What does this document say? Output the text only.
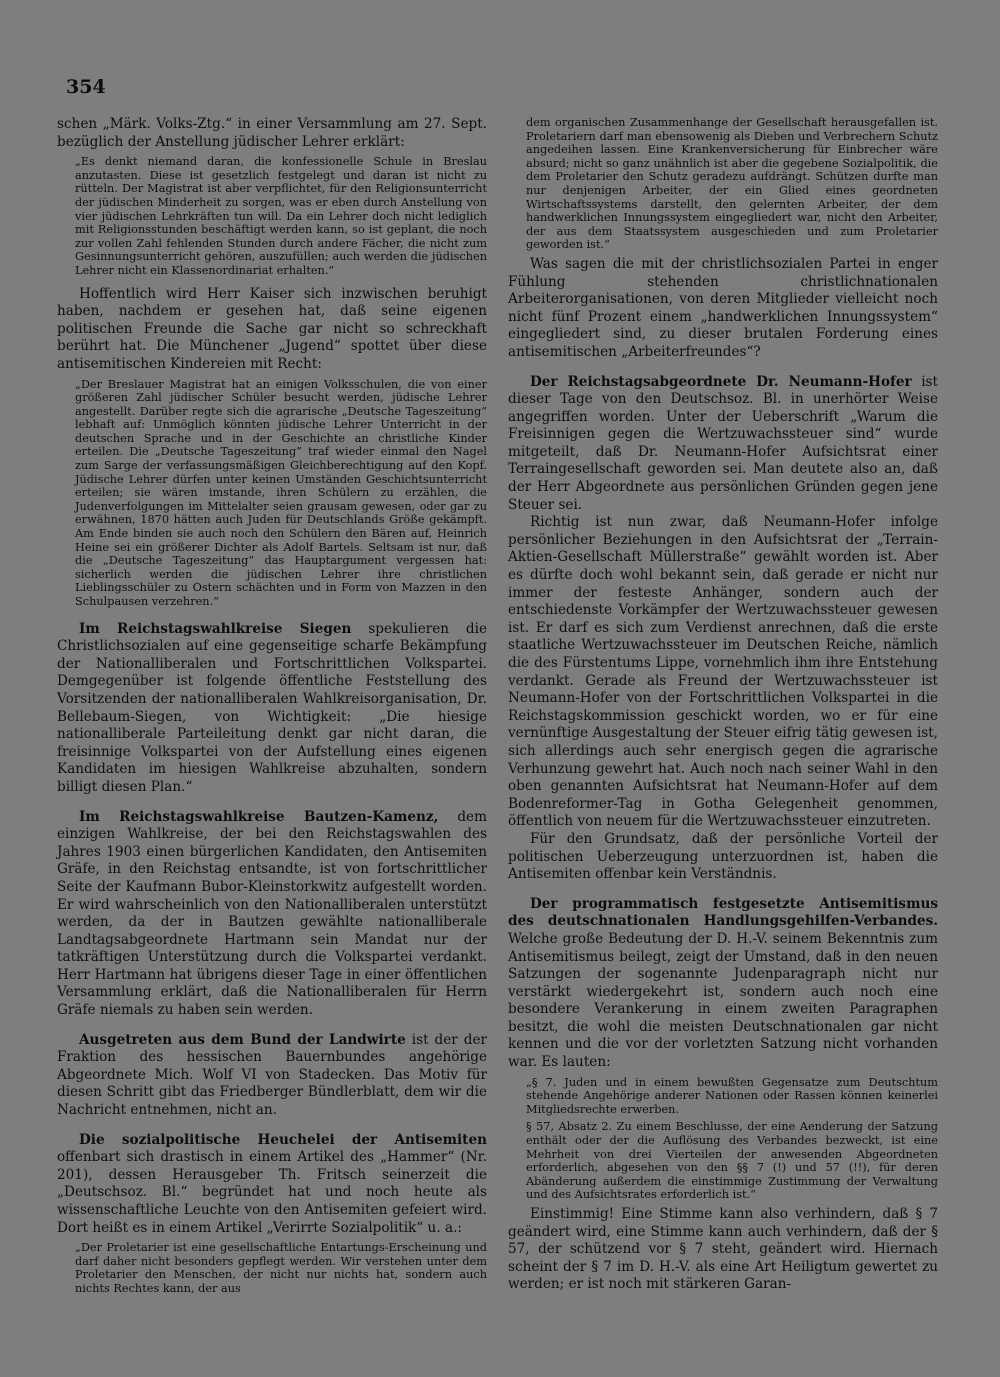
354

schen „Märk. Volks-Ztg.“ in einer Versammlung am 27. Sept. bezüglich der Anstellung jüdischer Lehrer erklärt:

„Es denkt niemand daran, die konfessionelle Schule in Breslau anzutasten. Diese ist gesetzlich festgelegt und daran ist nicht zu rütteln. Der Magistrat ist aber verpflichtet, für den Religionsunterricht der jüdischen Minderheit zu sorgen, was er eben durch Anstellung von vier jüdischen Lehrkräften tun will. Da ein Lehrer doch nicht lediglich mit Religionsstunden beschäftigt werden kann, so ist geplant, die noch zur vollen Zahl fehlenden Stunden durch andere Fächer, die nicht zum Gesinnungsunterricht gehören, auszufüllen; auch werden die jüdischen Lehrer nicht ein Klassenordinariat erhalten.“

Hoffentlich wird Herr Kaiser sich inzwischen beruhigt haben, nachdem er gesehen hat, daß seine eigenen politischen Freunde die Sache gar nicht so schreckhaft berührt hat. Die Münchener „Jugend“ spottet über diese antisemitischen Kindereien mit Recht:

„Der Breslauer Magistrat hat an einigen Volksschulen, die von einer größeren Zahl jüdischer Schüler besucht werden, jüdische Lehrer angestellt. Darüber regte sich die agrarische „Deutsche Tageszeitung“ lebhaft auf: Unmöglich könnten jüdische Lehrer Unterricht in der deutschen Sprache und in der Geschichte an christliche Kinder erteilen. Die „Deutsche Tageszeitung“ traf wieder einmal den Nagel zum Sarge der verfassungsmäßigen Gleichberechtigung auf den Kopf. Jüdische Lehrer dürfen unter keinen Umständen Geschichtsunterricht erteilen; sie wären imstande, ihren Schülern zu erzählen, die Judenverfolgungen im Mittelalter seien grausam gewesen, oder gar zu erwähnen, 1870 hätten auch Juden für Deutschlands Größe gekämpft. Am Ende binden sie auch noch den Schülern den Bären auf, Heinrich Heine sei ein größerer Dichter als Adolf Bartels. Seltsam ist nur, daß die „Deutsche Tageszeitung“ das Hauptargument vergessen hat: sicherlich werden die jüdischen Lehrer ihre christlichen Lieblingsschüler zu Ostern schächten und in Form von Mazzen in den Schulpausen verzehren.“

Im Reichstagswahlkreise Siegen spekulieren die Christlichsozialen auf eine gegenseitige scharfe Bekämpfung der Nationalliberalen und Fortschrittlichen Volkspartei. Demgegenüber ist folgende öffentliche Feststellung des Vorsitzenden der nationalliberalen Wahlkreisorganisation, Dr. Bellebaum-Siegen, von Wichtigkeit: „Die hiesige nationalliberale Parteileitung denkt gar nicht daran, die freisinnige Volkspartei von der Aufstellung eines eigenen Kandidaten im hiesigen Wahlkreise abzuhalten, sondern billigt diesen Plan.“

Im Reichstagswahlkreise Bautzen-Kamenz, dem einzigen Wahlkreise, der bei den Reichstagswahlen des Jahres 1903 einen bürgerlichen Kandidaten, den Antisemiten Gräfe, in den Reichstag entsandte, ist von fortschrittlicher Seite der Kaufmann Bubor-Kleinstorkwitz aufgestellt worden. Er wird wahrscheinlich von den Nationalliberalen unterstützt werden, da der in Bautzen gewählte nationalliberale Landtagsabgeordnete Hartmann sein Mandat nur der tatkräftigen Unterstützung durch die Volkspartei verdankt. Herr Hartmann hat übrigens dieser Tage in einer öffentlichen Versammlung erklärt, daß die Nationalliberalen für Herrn Gräfe niemals zu haben sein werden.

Ausgetreten aus dem Bund der Landwirte ist der der Fraktion des hessischen Bauernbundes angehörige Abgeordnete Mich. Wolf VI von Stadecken. Das Motiv für diesen Schritt gibt das Friedberger Bündlerblatt, dem wir die Nachricht entnehmen, nicht an.

Die sozialpolitische Heuchelei der Antisemiten offenbart sich drastisch in einem Artikel des „Hammer“ (Nr. 201), dessen Herausgeber Th. Fritsch seinerzeit die „Deutschsoz. Bl.“ begründet hat und noch heute als wissenschaftliche Leuchte von den Antisemiten gefeiert wird. Dort heißt es in einem Artikel „Verirrte Sozialpolitik“ u. a.:

„Der Proletarier ist eine gesellschaftliche Entartungs-Erscheinung und darf daher nicht besonders gepflegt werden. Wir verstehen unter dem Proletarier den Menschen, der nicht nur nichts hat, sondern auch nichts Rechtes kann, der aus

dem organischen Zusammenhange der Gesellschaft herausgefallen ist. Proletariern darf man ebensowenig als Dieben und Verbrechern Schutz angedeihen lassen. Eine Krankenversicherung für Einbrecher wäre absurd; nicht so ganz unähnlich ist aber die gegebene Sozialpolitik, die dem Proletarier den Schutz geradezu aufdrängt. Schützen durfte man nur denjenigen Arbeiter, der ein Glied eines geordneten Wirtschaftssystems darstellt, den gelernten Arbeiter, der dem handwerklichen Innungssystem eingegliedert war, nicht den Arbeiter, der aus dem Staatssystem ausgeschieden und zum Proletarier geworden ist.“

Was sagen die mit der christlichsozialen Partei in enger Fühlung stehenden christlichnationalen Arbeiterorganisationen, von deren Mitglieder vielleicht noch nicht fünf Prozent einem „handwerklichen Innungssystem“ eingegliedert sind, zu dieser brutalen Forderung eines antisemitischen „Arbeiterfreundes“?

Der Reichstagsabgeordnete Dr. Neumann-Hofer ist dieser Tage von den Deutschsoz. Bl. in unerhörter Weise angegriffen worden. Unter der Ueberschrift „Warum die Freisinnigen gegen die Wertzuwachssteuer sind“ wurde mitgeteilt, daß Dr. Neumann-Hofer Aufsichtsrat einer Terraingesellschaft geworden sei. Man deutete also an, daß der Herr Abgeordnete aus persönlichen Gründen gegen jene Steuer sei.

Richtig ist nun zwar, daß Neumann-Hofer infolge persönlicher Beziehungen in den Aufsichtsrat der „Terrain-Aktien-Gesellschaft Müllerstraße“ gewählt worden ist. Aber es dürfte doch wohl bekannt sein, daß gerade er nicht nur immer der festeste Anhänger, sondern auch der entschiedenste Vorkämpfer der Wertzuwachssteuer gewesen ist. Er darf es sich zum Verdienst anrechnen, daß die erste staatliche Wertzuwachssteuer im Deutschen Reiche, nämlich die des Fürstentums Lippe, vornehmlich ihm ihre Entstehung verdankt. Gerade als Freund der Wertzuwachssteuer ist Neumann-Hofer von der Fortschrittlichen Volkspartei in die Reichstagskommission geschickt worden, wo er für eine vernünftige Ausgestaltung der Steuer eifrig tätig gewesen ist, sich allerdings auch sehr energisch gegen die agrarische Verhunzung gewehrt hat. Auch noch nach seiner Wahl in den oben genannten Aufsichtsrat hat Neumann-Hofer auf dem Bodenreformer-Tag in Gotha Gelegenheit genommen, öffentlich von neuem für die Wertzuwachssteuer einzutreten.

Für den Grundsatz, daß der persönliche Vorteil der politischen Ueberzeugung unterzuordnen ist, haben die Antisemiten offenbar kein Verständnis.

Der programmatisch festgesetzte Antisemitismus des deutschnationalen Handlungsgehilfen-Verbandes. Welche große Bedeutung der D. H.-V. seinem Bekenntnis zum Antisemitismus beilegt, zeigt der Umstand, daß in den neuen Satzungen der sogenannte Judenparagraph nicht nur verstärkt wiedergekehrt ist, sondern auch noch eine besondere Verankerung in einem zweiten Paragraphen besitzt, die wohl die meisten Deutschnationalen gar nicht kennen und die vor der vorletzten Satzung nicht vorhanden war. Es lauten:

„§ 7. Juden und in einem bewußten Gegensatze zum Deutschtum stehende Angehörige anderer Nationen oder Rassen können keinerlei Mitgliedsrechte erwerben.

§ 57, Absatz 2. Zu einem Beschlusse, der eine Aenderung der Satzung enthält oder der die Auflösung des Verbandes bezweckt, ist eine Mehrheit von drei Vierteilen der anwesenden Abgeordneten erforderlich, abgesehen von den §§ 7 (!) und 57 (!!), für deren Abänderung außerdem die einstimmige Zustimmung der Verwaltung und des Aufsichtsrates erforderlich ist.“

Einstimmig! Eine Stimme kann also verhindern, daß § 7 geändert wird, eine Stimme kann auch verhindern, daß der § 57, der schützend vor § 7 steht, geändert wird. Hiernach scheint der § 7 im D. H.-V. als eine Art Heiligtum gewertet zu werden; er ist noch mit stärkeren Garan-
